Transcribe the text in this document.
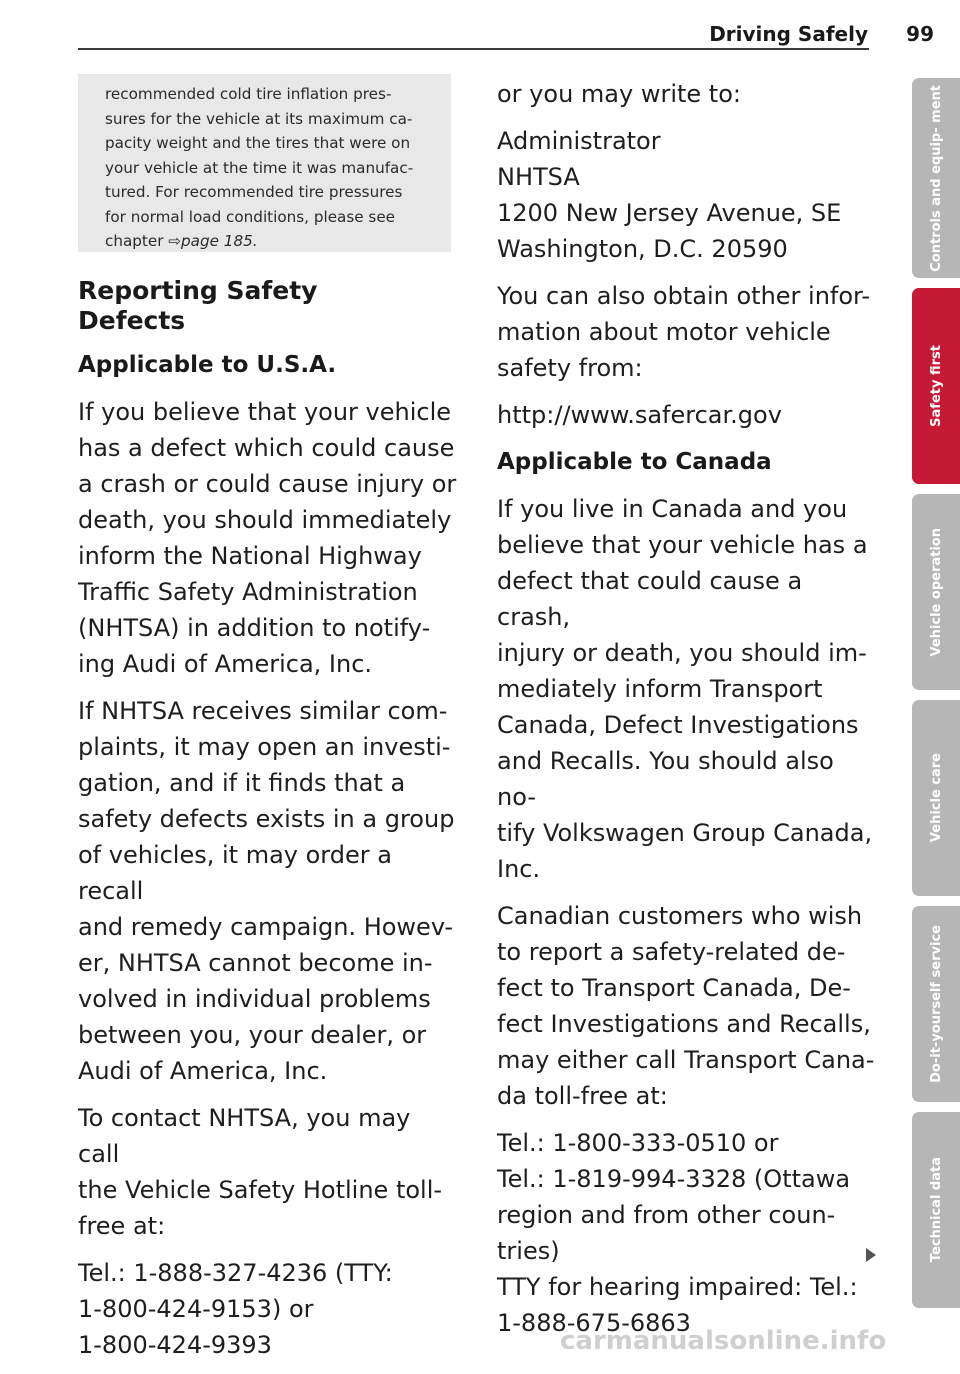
Driving Safely 99
recommended cold tire inflation pres-
sures for the vehicle at its maximum ca-
pacity weight and the tires that were on
your vehicle at the time it was manufac-
tured. For recommended tire pressures
for normal load conditions, please see
chapter ⇨page 185.

Reporting Safety
Defects

Applicable to U.S.A.

If you believe that your vehicle
has a defect which could cause
a crash or could cause injury or
death, you should immediately
inform the National Highway
Traffic Safety Administration
(NHTSA) in addition to notify-
ing Audi of America, Inc.

If NHTSA receives similar com-
plaints, it may open an investi-
gation, and if it finds that a
safety defects exists in a group
of vehicles, it may order a recall
and remedy campaign. Howev-
er, NHTSA cannot become in-
volved in individual problems
between you, your dealer, or
Audi of America, Inc.

To contact NHTSA, you may call
the Vehicle Safety Hotline toll-
free at:

Tel.: 1-888-327-4236 (TTY:
1-800-424-9153) or
1-800-424-9393

or you may write to:

Administrator
NHTSA
1200 New Jersey Avenue, SE
Washington, D.C. 20590

You can also obtain other infor-
mation about motor vehicle
safety from:

http://www.safercar.gov

Applicable to Canada

If you live in Canada and you
believe that your vehicle has a
defect that could cause a crash,
injury or death, you should im-
mediately inform Transport
Canada, Defect Investigations
and Recalls. You should also no-
tify Volkswagen Group Canada,
Inc.

Canadian customers who wish
to report a safety-related de-
fect to Transport Canada, De-
fect Investigations and Recalls,
may either call Transport Cana-
da toll-free at:

Tel.: 1-800-333-0510 or
Tel.: 1-819-994-3328 (Ottawa
region and from other coun-
tries)
TTY for hearing impaired: Tel.:
1-888-675-6863

Controls and equip- ment
Safety first
Vehicle operation
Vehicle care
Do-it-yourself service
Technical data
carmanualsonline.info
